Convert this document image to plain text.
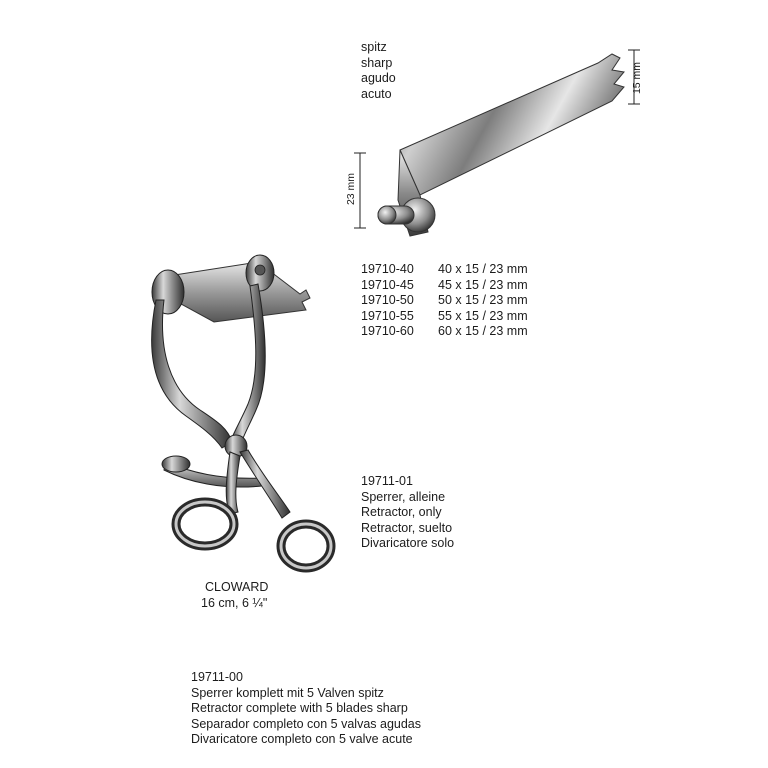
spitz
sharp
agudo
acuto	15 mm
23 mm
19710-40 40 x 15 / 23 mm
19710-45 45 x 15 / 23 mm
19710-50 50 x 15 / 23 mm
19710-55 55 x 15 / 23 mm
19710-60 60 x 15 / 23 mm
19711-01
Sperrer, alleine
Retractor, only
Retractor, suelto
Divaricatore solo
CLOWARD
16 cm, 6 ¼"
19711-00
Sperrer komplett mit 5 Valven spitz
Retractor complete with 5 blades sharp
Separador completo con 5 valvas agudas
Divaricatore completo con 5 valve acute
